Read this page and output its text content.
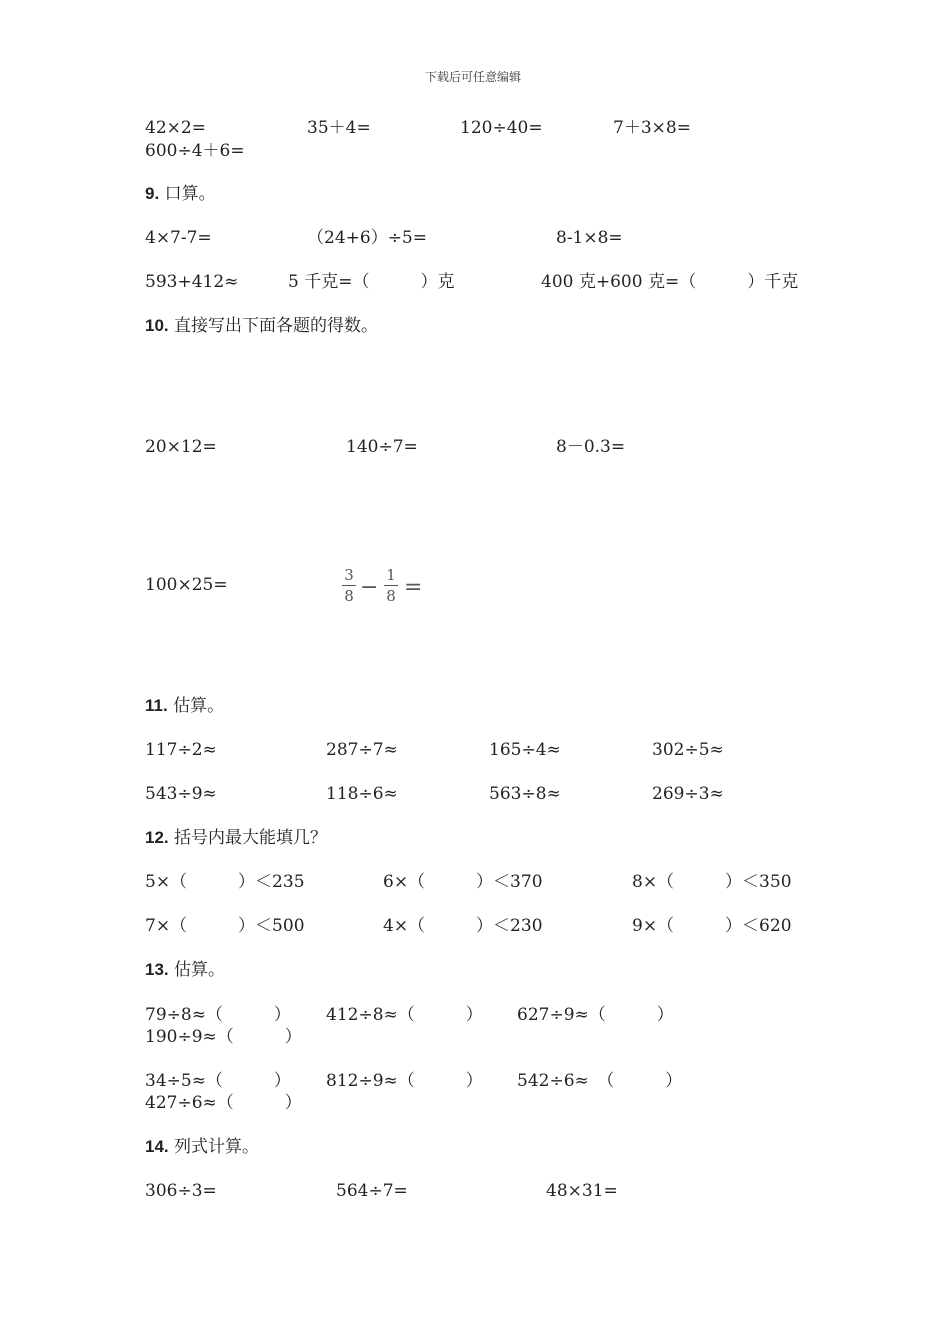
下载后可任意编辑
42×2=	35＋4=	120÷40=	7＋3×8=
600÷4＋6=
9. 口算。
4×7-7=	（24+6）÷5=	8-1×8=
593+412≈	5 千克=（　　　）克	400 克+600 克=（　　　）千克
10. 直接写出下面各题的得数。
20×12=	140÷7=	8－0.3=
100×25=	$\frac{3}{8} - \frac{1}{8}$ =
11. 估算。
117÷2≈	287÷7≈	165÷4≈	302÷5≈
543÷9≈	118÷6≈	563÷8≈	269÷3≈
12. 括号内最大能填几？
5×（　　　）＜235	6×（　　　）＜370	8×（　　　）＜350
7×（　　　）＜500	4×（　　　）＜230	9×（　　　）＜620
13. 估算。
79÷8≈（　　　） 412÷8≈（　　　） 627÷9≈（　　　）
190÷9≈（　　　）
34÷5≈（　　　） 812÷9≈（　　　） 542÷6≈　（　　　）
427÷6≈（　　　）
14. 列式计算。
306÷3=	564÷7=	48×31=
